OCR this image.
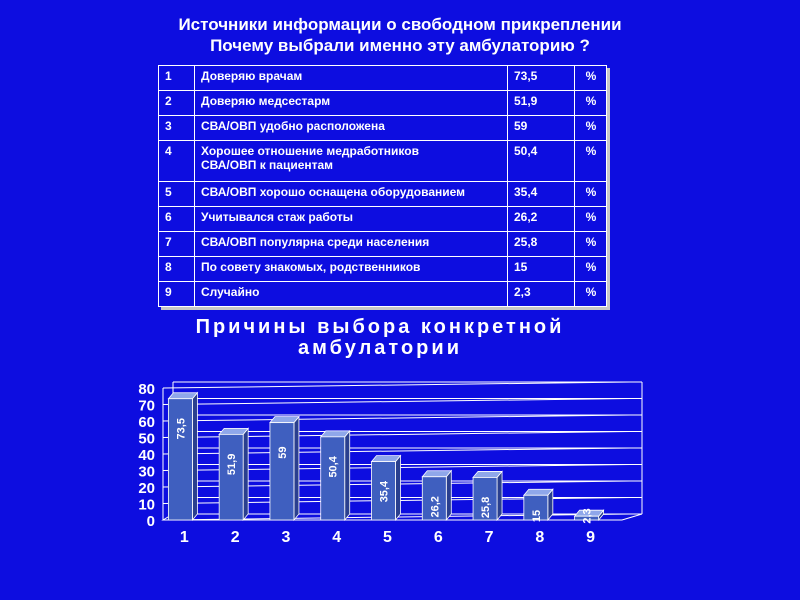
Источники информации о свободном прикреплении
Почему выбрали именно эту амбулаторию ?
1	Доверяю врачам	73,5	%
2	Доверяю медсестарм	51,9	%
3	СВА/ОВП удобно расположена	59	%
4	Хорошее отношение медработников
СВА/ОВП к пациентам	50,4	%
5	СВА/ОВП хорошо оснащена оборудованием	35,4	%
6	Учитывался стаж работы	26,2	%
7	СВА/ОВП популярна среди населения	25,8	%
8	По совету знакомых, родственников	15	%
9	Случайно	2,3	%
Причины выбора конкретной
амбулатории
0
10
20
30
40
50
60
70
80
73,5
1
51,9
2
59
3
50,4
4
35,4
5
26,2
6
25,8
7
15
8
2,3
9
